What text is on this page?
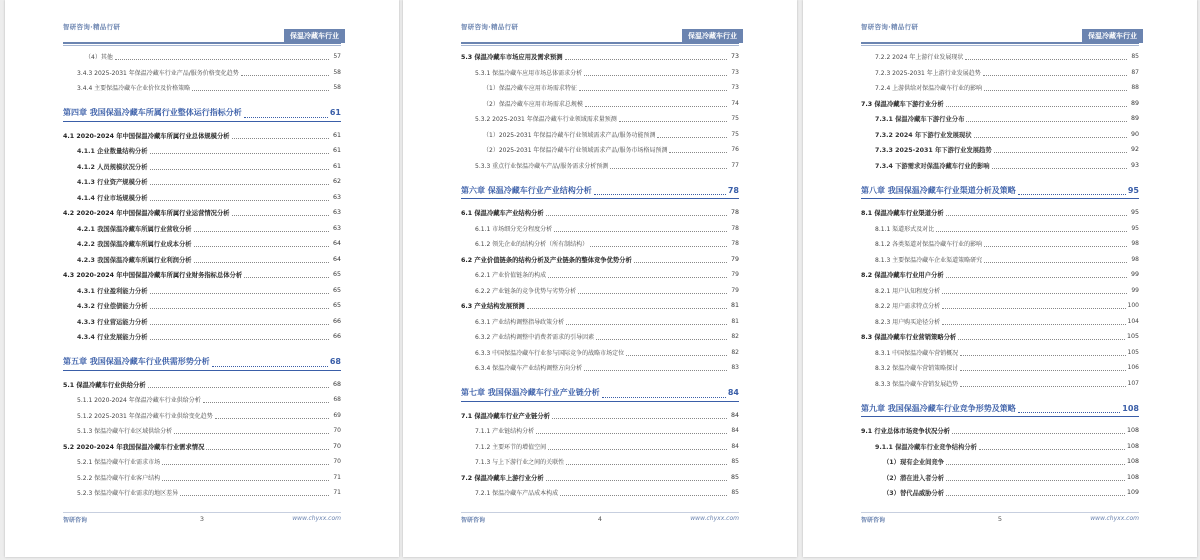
智研咨询·精品行研
保温冷藏车行业
（4）其他	57
3.4.3 2025-2031 年保温冷藏车行业产品/服务价格变化趋势	58
3.4.4 主要保温冷藏车企业价位及价格策略	58
第四章 我国保温冷藏车所属行业整体运行指标分析	61
4.1 2020-2024 年中国保温冷藏车所属行业总体规模分析	61
4.1.1 企业数量结构分析	61
4.1.2 人员规模状况分析	61
4.1.3 行业资产规模分析	62
4.1.4 行业市场规模分析	63
4.2 2020-2024 年中国保温冷藏车所属行业运营情况分析	63
4.2.1 我国保温冷藏车所属行业营收分析	63
4.2.2 我国保温冷藏车所属行业成本分析	64
4.2.3 我国保温冷藏车所属行业利润分析	64
4.3 2020-2024 年中国保温冷藏车所属行业财务指标总体分析	65
4.3.1 行业盈利能力分析	65
4.3.2 行业偿债能力分析	65
4.3.3 行业营运能力分析	66
4.3.4 行业发展能力分析	66
第五章 我国保温冷藏车行业供需形势分析	68
5.1 保温冷藏车行业供给分析	68
5.1.1 2020-2024 年保温冷藏车行业供给分析	68
5.1.2 2025-2031 年保温冷藏车行业供给变化趋势	69
5.1.3 保温冷藏车行业区域供给分析	70
5.2 2020-2024 年我国保温冷藏车行业需求情况	70
5.2.1 保温冷藏车行业需求市场	70
5.2.2 保温冷藏车行业客户结构	71
5.2.3 保温冷藏车行业需求的地区差异	71
智研咨询	3	www.chyxx.com
智研咨询·精品行研
保温冷藏车行业
5.3 保温冷藏车市场应用及需求预测	73
5.3.1 保温冷藏车应用市场总体需求分析	73
（1）保温冷藏车应用市场需求特征	73
（2）保温冷藏车应用市场需求总规模	74
5.3.2 2025-2031 年保温冷藏车行业领域需求量预测	75
（1）2025-2031 年保温冷藏车行业领域需求产品/服务功能预测	75
（2）2025-2031 年保温冷藏车行业领域需求产品/服务市场格局预测	76
5.3.3 重点行业保温冷藏车产品/服务需求分析预测	77
第六章 保温冷藏车行业产业结构分析	78
6.1 保温冷藏车产业结构分析	78
6.1.1 市场细分充分程度分析	78
6.1.2 领先企业的结构分析（所有制结构）	78
6.2 产业价值链条的结构分析及产业链条的整体竞争优势分析	79
6.2.1 产业价值链条的构成	79
6.2.2 产业链条的竞争优势与劣势分析	79
6.3 产业结构发展预测	81
6.3.1 产业结构调整指导政策分析	81
6.3.2 产业结构调整中消费者需求的引导因素	82
6.3.3 中国保温冷藏车行业参与国际竞争的战略市场定位	82
6.3.4 保温冷藏车产业结构调整方向分析	83
第七章 我国保温冷藏车行业产业链分析	84
7.1 保温冷藏车行业产业链分析	84
7.1.1 产业链结构分析	84
7.1.2 主要环节的增值空间	84
7.1.3 与上下游行业之间的关联性	85
7.2 保温冷藏车上游行业分析	85
7.2.1 保温冷藏车产品成本构成	85
智研咨询	4	www.chyxx.com
智研咨询·精品行研
保温冷藏车行业
7.2.2 2024 年上游行业发展现状	85
7.2.3 2025-2031 年上游行业发展趋势	87
7.2.4 上游供给对保温冷藏车行业的影响	88
7.3 保温冷藏车下游行业分析	89
7.3.1 保温冷藏车下游行业分布	89
7.3.2 2024 年下游行业发展现状	90
7.3.3 2025-2031 年下游行业发展趋势	92
7.3.4 下游需求对保温冷藏车行业的影响	93
第八章 我国保温冷藏车行业渠道分析及策略	95
8.1 保温冷藏车行业渠道分析	95
8.1.1 渠道形式及对比	95
8.1.2 各类渠道对保温冷藏车行业的影响	98
8.1.3 主要保温冷藏车企业渠道策略研究	98
8.2 保温冷藏车行业用户分析	99
8.2.1 用户认知程度分析	99
8.2.2 用户需求特点分析	100
8.2.3 用户购买途径分析	104
8.3 保温冷藏车行业营销策略分析	105
8.3.1 中国保温冷藏车营销概况	105
8.3.2 保温冷藏车营销策略探讨	106
8.3.3 保温冷藏车营销发展趋势	107
第九章 我国保温冷藏车行业竞争形势及策略	108
9.1 行业总体市场竞争状况分析	108
9.1.1 保温冷藏车行业竞争结构分析	108
（1）现有企业间竞争	108
（2）潜在进入者分析	108
（3）替代品威胁分析	109
智研咨询	5	www.chyxx.com
